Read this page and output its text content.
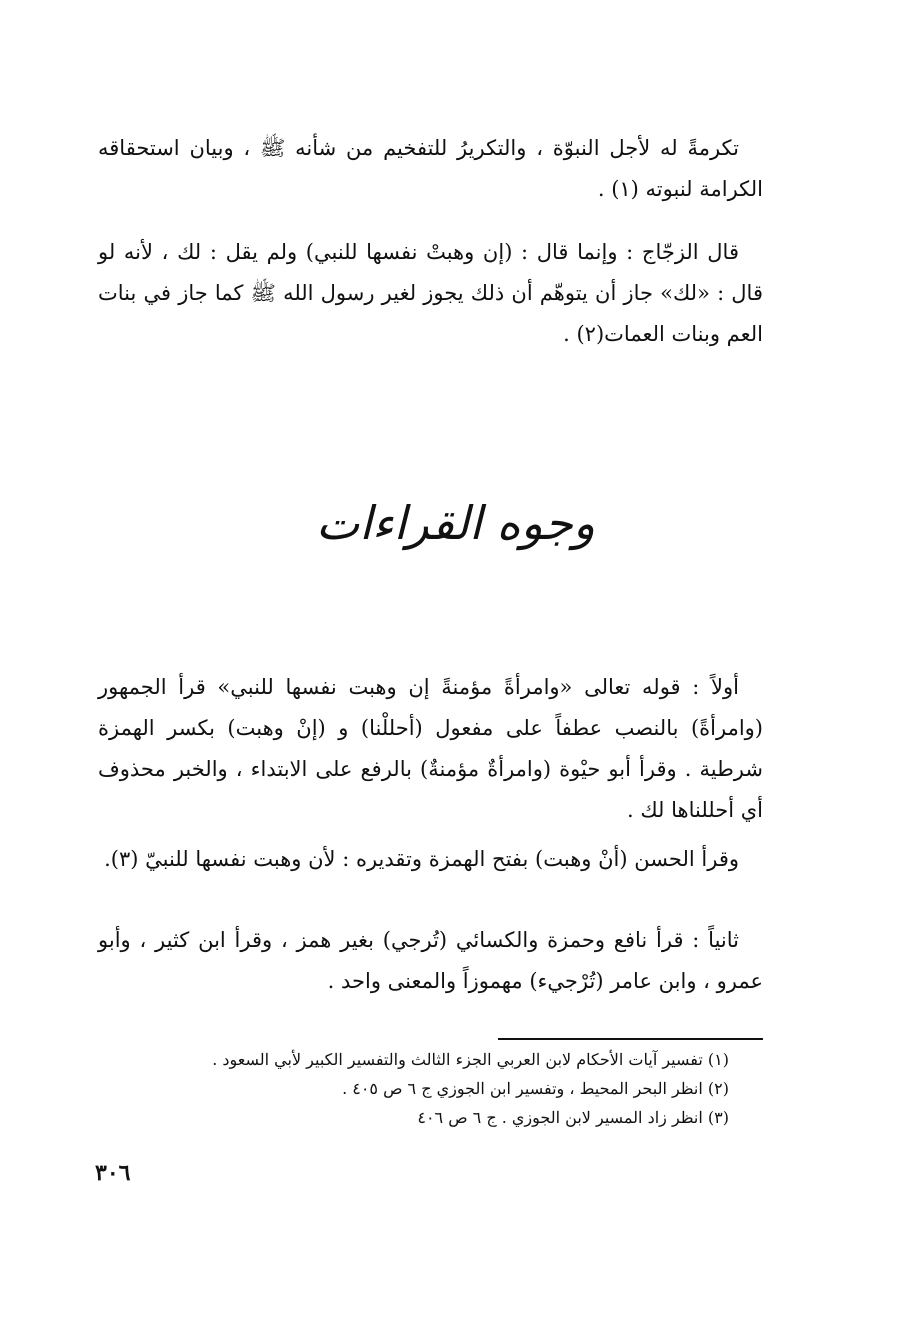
تكرمةً له لأجل النبوّة ، والتكريرُ للتفخيم من شأنه ﷺ ، وبيان استحقاقه الكرامة لنبوته (١) .

قال الزجّاج : وإنما قال : (إن وهبتْ نفسها للنبي) ولم يقل : لك ، لأنه لو قال : «لك» جاز أن يتوهّم أن ذلك يجوز لغير رسول الله ﷺ كما جاز في بنات العم وبنات العمات(٢) .

وجوه القراءات

أولاً : قوله تعالى «وامرأةً مؤمنةً إن وهبت نفسها للنبي» قرأ الجمهور (وامرأةً) بالنصب عطفاً على مفعول (أحللْنا) و (إنْ وهبت) بكسر الهمزة شرطية . وقرأ أبو حيْوة (وامرأةٌ مؤمنةٌ) بالرفع على الابتداء ، والخبر محذوف أي أحللناها لك .

وقرأ الحسن (أنْ وهبت) بفتح الهمزة وتقديره : لأن وهبت نفسها للنبيّ (٣).

ثانياً : قرأ نافع وحمزة والكسائي (تُرجي) بغير همز ، وقرأ ابن كثير ، وأبو عمرو ، وابن عامر (تُرْجيء) مهموزاً والمعنى واحد .

(١) تفسير آيات الأحكام لابن العربي الجزء الثالث والتفسير الكبير لأبي السعود .

(٢) انظر البحر المحيط ، وتفسير ابن الجوزي ج ٦ ص ٤٠٥ .

(٣) انظر زاد المسير لابن الجوزي . ج ٦ ص ٤٠٦

٣٠٦
